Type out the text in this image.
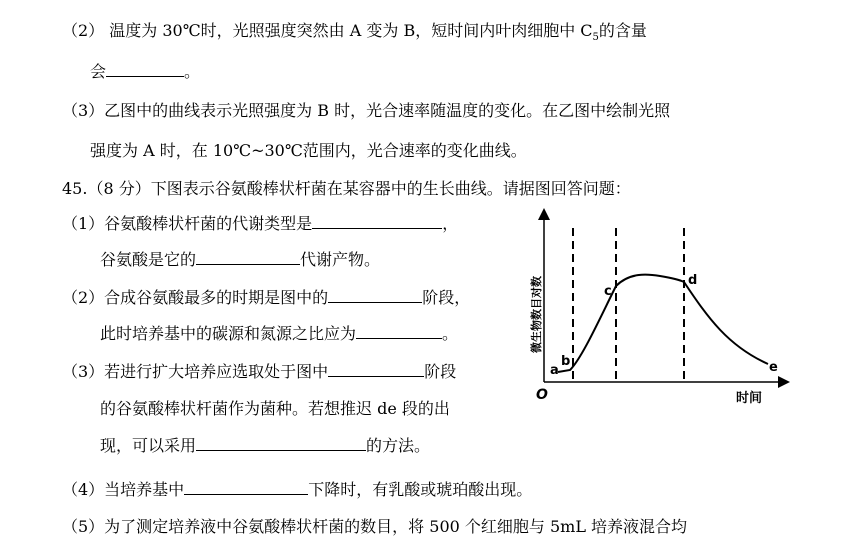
（2） 温度为 30℃时，光照强度突然由 A 变为 B，短时间内叶肉细胞中 $C_5$的含量
会	。
（3）乙图中的曲线表示光照强度为 B 时，光合速率随温度的变化。在乙图中绘制光照
强度为 A 时，在 10℃~30℃范围内，光合速率的变化曲线。
45.（8 分）下图表示谷氨酸棒状杆菌在某容器中的生长曲线。请据图回答问题：
（1）谷氨酸棒状杆菌的代谢类型是	，
谷氨酸是它的	代谢产物。
（2）合成谷氨酸最多的时期是图中的	阶段，
此时培养基中的碳源和氮源之比应为	。
（3）若进行扩大培养应选取处于图中	阶段
的谷氨酸棒状杆菌作为菌种。若想推迟 de 段的出
现，可以采用	的方法。
（4）当培养基中	下降时，有乳酸或琥珀酸出现。
（5）为了测定培养液中谷氨酸棒状杆菌的数目，将 500 个红细胞与 5mL 培养液混合均
a
b
c
d
e
O	时间
微生物数目对数
